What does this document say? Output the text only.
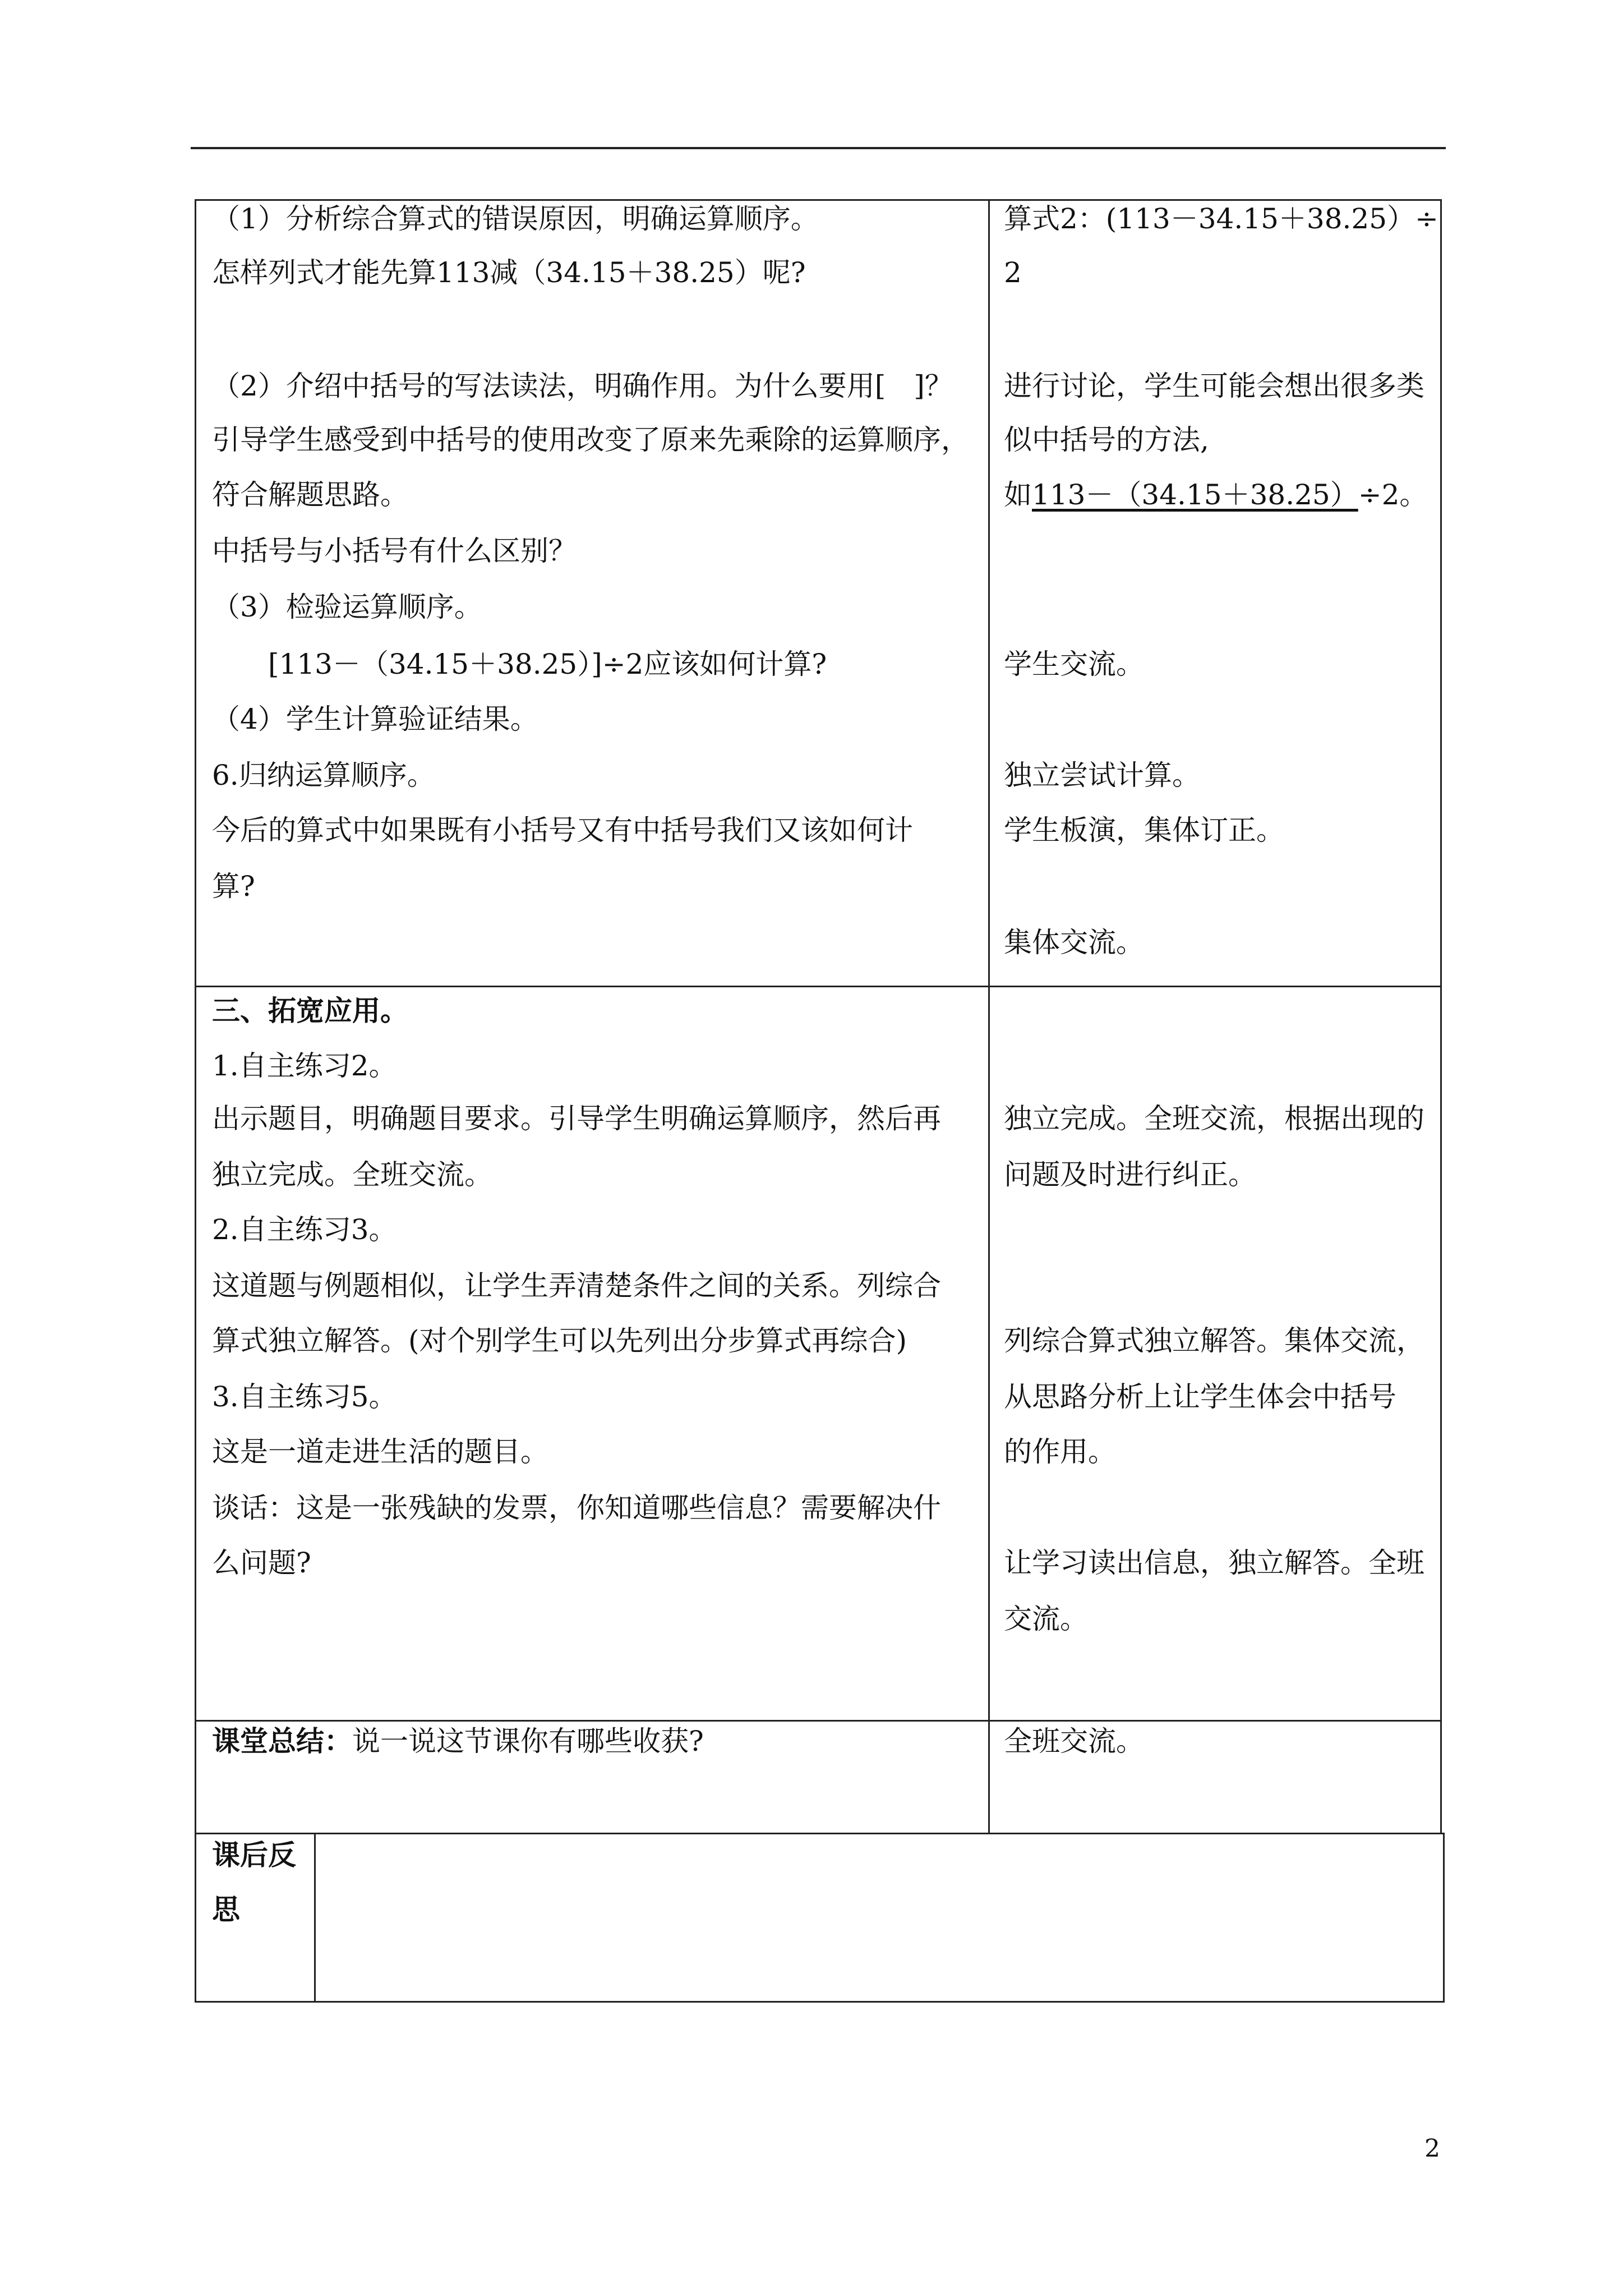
（1）分析综合算式的错误原因，明确运算顺序。
怎样列式才能先算113减（34.15＋38.25）呢?
（2）介绍中括号的写法读法，明确作用。为什么要用[　]？
引导学生感受到中括号的使用改变了原来先乘除的运算顺序，
符合解题思路。
中括号与小括号有什么区别？
（3）检验运算顺序。
[113－（34.15＋38.25）]÷2应该如何计算?
（4）学生计算验证结果。
6.归纳运算顺序。
今后的算式中如果既有小括号又有中括号我们又该如何计
算?
算式2：(113－34.15＋38.25）÷
2
进行讨论，学生可能会想出很多类
似中括号的方法,
如113－（34.15＋38.25）÷2。
学生交流。
独立尝试计算。
学生板演，集体订正。
集体交流。
三、拓宽应用。
1.自主练习2。
出示题目，明确题目要求。引导学生明确运算顺序，然后再
独立完成。全班交流。
2.自主练习3。
这道题与例题相似，让学生弄清楚条件之间的关系。列综合
算式独立解答。(对个别学生可以先列出分步算式再综合)
3.自主练习5。
这是一道走进生活的题目。
谈话：这是一张残缺的发票，你知道哪些信息？需要解决什
么问题?
独立完成。全班交流，根据出现的
问题及时进行纠正。
列综合算式独立解答。集体交流，
从思路分析上让学生体会中括号
的作用。
让学习读出信息，独立解答。全班
交流。
课堂总结：说一说这节课你有哪些收获?	全班交流。
课后反
思
2
